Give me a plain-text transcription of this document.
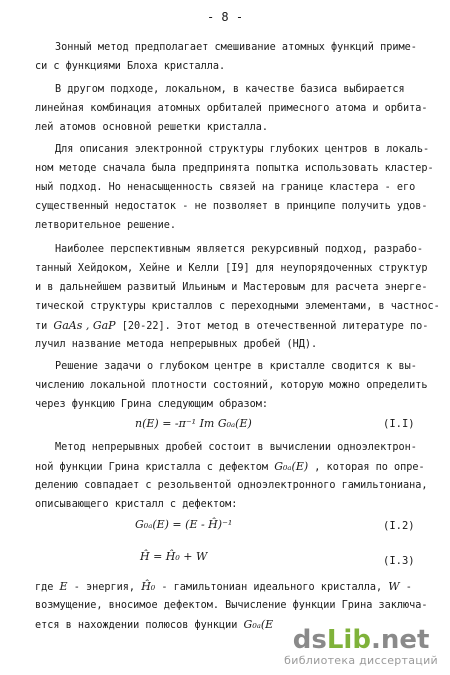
- 8 -
Зонный метод предполагает смешивание атомных функций приме-
си с функциями Блоха кристалла.
В другом подходе, локальном, в качестве базиса выбирается
линейная комбинация атомных орбиталей примесного атома и орбита-
лей атомов основной решетки кристалла.
Для описания электронной структуры глубоких центров в локаль-
ном методе сначала была предпринята попытка использовать кластер-
ный подход. Но ненасыщенность связей на границе кластера - его
существенный недостаток - не позволяет в принципе получить удов-
летворительное решение.
Наиболее перспективным является рекурсивный подход, разрабо-
танный Хейдоком, Хейне и Келли [I9] для неупорядоченных структур
и в дальнейшем развитый Ильиным и Мастеровым для расчета энерге-
тической структуры кристаллов с переходными элементами, в частнос-
ти GaAs , GaP [20-22]. Этот метод в отечественной литературе по-
лучил название метода непрерывных дробей (НД).
Решение задачи о глубоком центре в кристалле сводится к вы-
числению локальной плотности состояний, которую можно определить
через функцию Грина следующим образом:
n(E) = -π⁻¹ Im G₀ₐ(E)	(I.I)
Метод непрерывных дробей состоит в вычислении одноэлектрон-
ной функции Грина кристалла с дефектом G₀ₐ(E) , которая по опре-
делению совпадает с резольвентой одноэлектронного гамильтониана,
описывающего кристалл с дефектом:
G₀ₐ(E) = (E - Ĥ)⁻¹	(I.2)
Ĥ = Ĥ₀ + W	(I.3)
где E - энергия, Ĥ₀ - гамильтониан идеального кристалла, W -
возмущение, вносимое дефектом. Вычисление функции Грина заключа-
ется в нахождении полюсов функции G₀ₐ(E
dsLib.net
библиотека диссертаций
